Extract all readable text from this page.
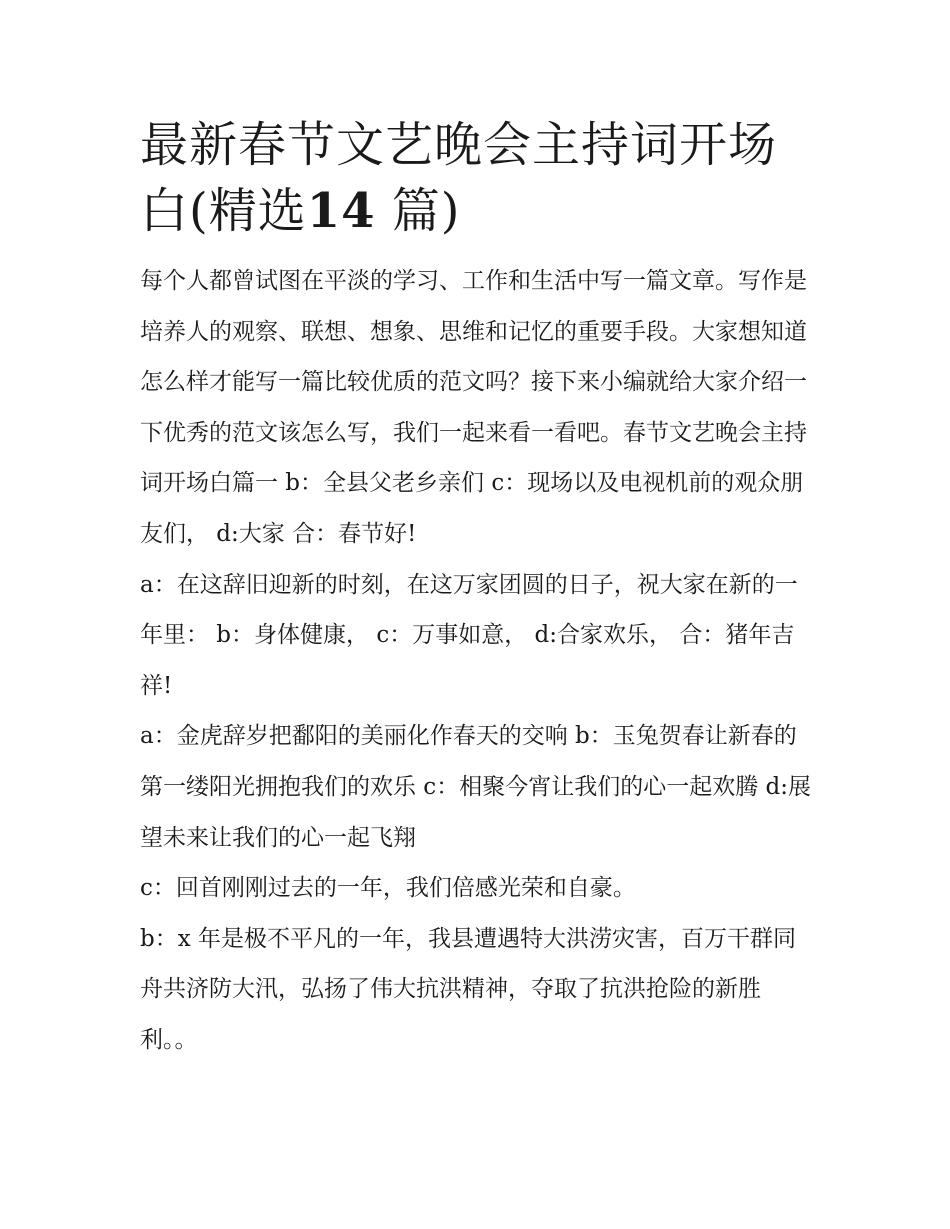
最新春节文艺晚会主持词开场白(精选14 篇)

每个人都曾试图在平淡的学习、工作和生活中写一篇文章。写作是培养人的观察、联想、想象、思维和记忆的重要手段。大家想知道怎么样才能写一篇比较优质的范文吗？接下来小编就给大家介绍一下优秀的范文该怎么写，我们一起来看一看吧。春节文艺晚会主持词开场白篇一 b：全县父老乡亲们 c：现场以及电视机前的观众朋友们， d:大家 合：春节好!

a：在这辞旧迎新的时刻，在这万家团圆的日子，祝大家在新的一年里： b：身体健康， c：万事如意， d:合家欢乐， 合：猪年吉祥!

a：金虎辞岁把鄱阳的美丽化作春天的交响 b：玉兔贺春让新春的第一缕阳光拥抱我们的欢乐 c：相聚今宵让我们的心一起欢腾 d:展望未来让我们的心一起飞翔

c：回首刚刚过去的一年，我们倍感光荣和自豪。

b：x 年是极不平凡的一年，我县遭遇特大洪涝灾害，百万干群同舟共济防大汛，弘扬了伟大抗洪精神，夺取了抗洪抢险的新胜利。。
